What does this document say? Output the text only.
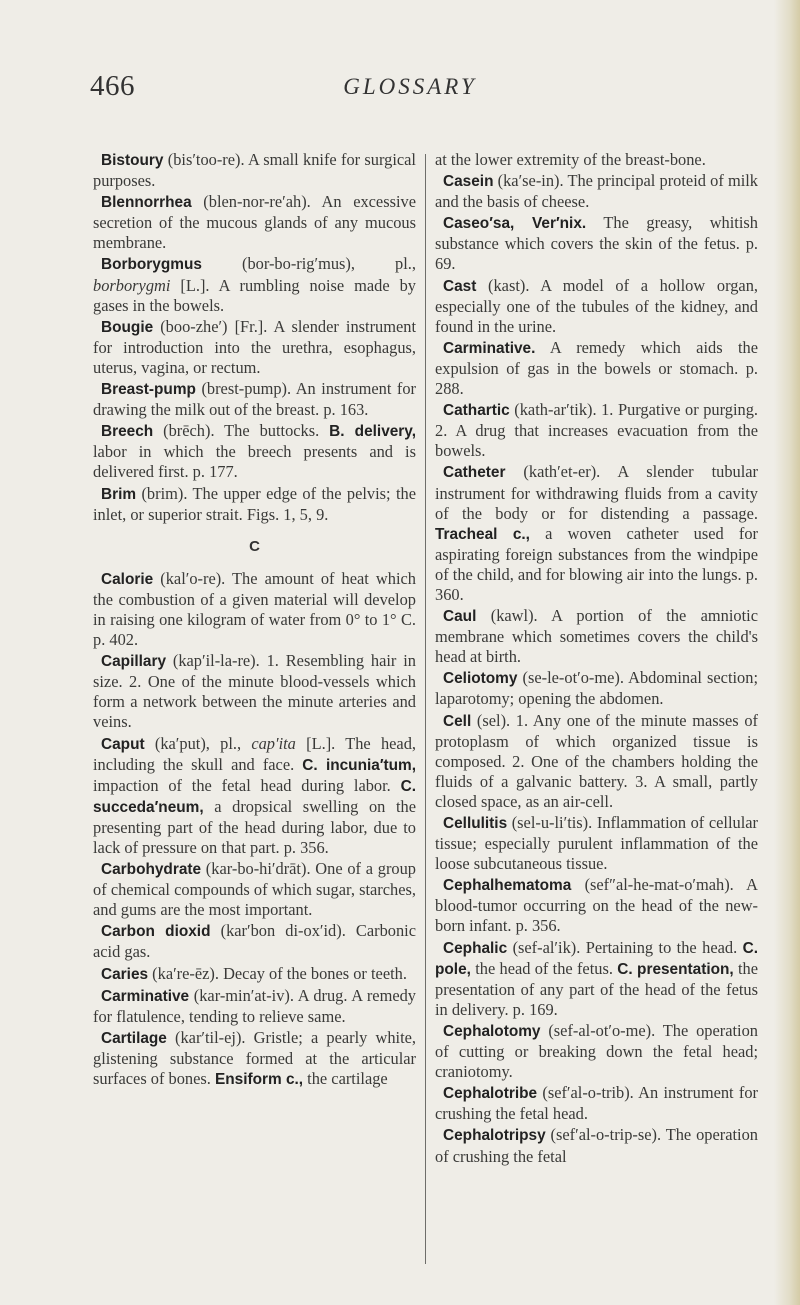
466	GLOSSARY

Bistoury (bis′too-re). A small knife for surgical purposes.

Blennorrhea (blen-nor-re′ah). An excessive secretion of the mucous glands of any mucous membrane.

Borborygmus (bor-bo-rig′mus), pl., borborygmi [L.]. A rumbling noise made by gases in the bowels.

Bougie (boo-zhe′) [Fr.]. A slender instrument for introduction into the urethra, esophagus, uterus, vagina, or rectum.

Breast-pump (brest-pump). An instrument for drawing the milk out of the breast. p. 163.

Breech (brēch). The buttocks. B. delivery, labor in which the breech presents and is delivered first. p. 177.

Brim (brim). The upper edge of the pelvis; the inlet, or superior strait. Figs. 1, 5, 9.

C

Calorie (kal′o-re). The amount of heat which the combustion of a given material will develop in raising one kilogram of water from 0° to 1° C. p. 402.

Capillary (kap′il-la-re). 1. Resembling hair in size. 2. One of the minute blood-vessels which form a network between the minute arteries and veins.

Caput (ka′put), pl., cap′ita [L.]. The head, including the skull and face. C. incunia′tum, impaction of the fetal head during labor. C. succeda′neum, a dropsical swelling on the presenting part of the head during labor, due to lack of pressure on that part. p. 356.

Carbohydrate (kar-bo-hi′drāt). One of a group of chemical compounds of which sugar, starches, and gums are the most important.

Carbon dioxid (kar′bon di-ox′id). Carbonic acid gas.

Caries (ka′re-ēz). Decay of the bones or teeth.

Carminative (kar-min′at-iv). A drug. A remedy for flatulence, tending to relieve same.

Cartilage (kar′til-ej). Gristle; a pearly white, glistening substance formed at the articular surfaces of bones. Ensiform c., the cartilage

at the lower extremity of the breast-bone.

Casein (ka′se-in). The principal proteid of milk and the basis of cheese.

Caseo′sa, Ver′nix. The greasy, whitish substance which covers the skin of the fetus. p. 69.

Cast (kast). A model of a hollow organ, especially one of the tubules of the kidney, and found in the urine.

Carminative. A remedy which aids the expulsion of gas in the bowels or stomach. p. 288.

Cathartic (kath-ar′tik). 1. Purgative or purging. 2. A drug that increases evacuation from the bowels.

Catheter (kath′et-er). A slender tubular instrument for withdrawing fluids from a cavity of the body or for distending a passage. Tracheal c., a woven catheter used for aspirating foreign substances from the windpipe of the child, and for blowing air into the lungs. p. 360.

Caul (kawl). A portion of the amniotic membrane which sometimes covers the child's head at birth.

Celiotomy (se-le-ot′o-me). Abdominal section; laparotomy; opening the abdomen.

Cell (sel). 1. Any one of the minute masses of protoplasm of which organized tissue is composed. 2. One of the chambers holding the fluids of a galvanic battery. 3. A small, partly closed space, as an air-cell.

Cellulitis (sel-u-li′tis). Inflammation of cellular tissue; especially purulent inflammation of the loose subcutaneous tissue.

Cephalhematoma (sef″al-he-mat-o′mah). A blood-tumor occurring on the head of the new-born infant. p. 356.

Cephalic (sef-al′ik). Pertaining to the head. C. pole, the head of the fetus. C. presentation, the presentation of any part of the head of the fetus in delivery. p. 169.

Cephalotomy (sef-al-ot′o-me). The operation of cutting or breaking down the fetal head; craniotomy.

Cephalotribe (sef′al-o-trib). An instrument for crushing the fetal head.

Cephalotripsy (sef′al-o-trip-se). The operation of crushing the fetal
